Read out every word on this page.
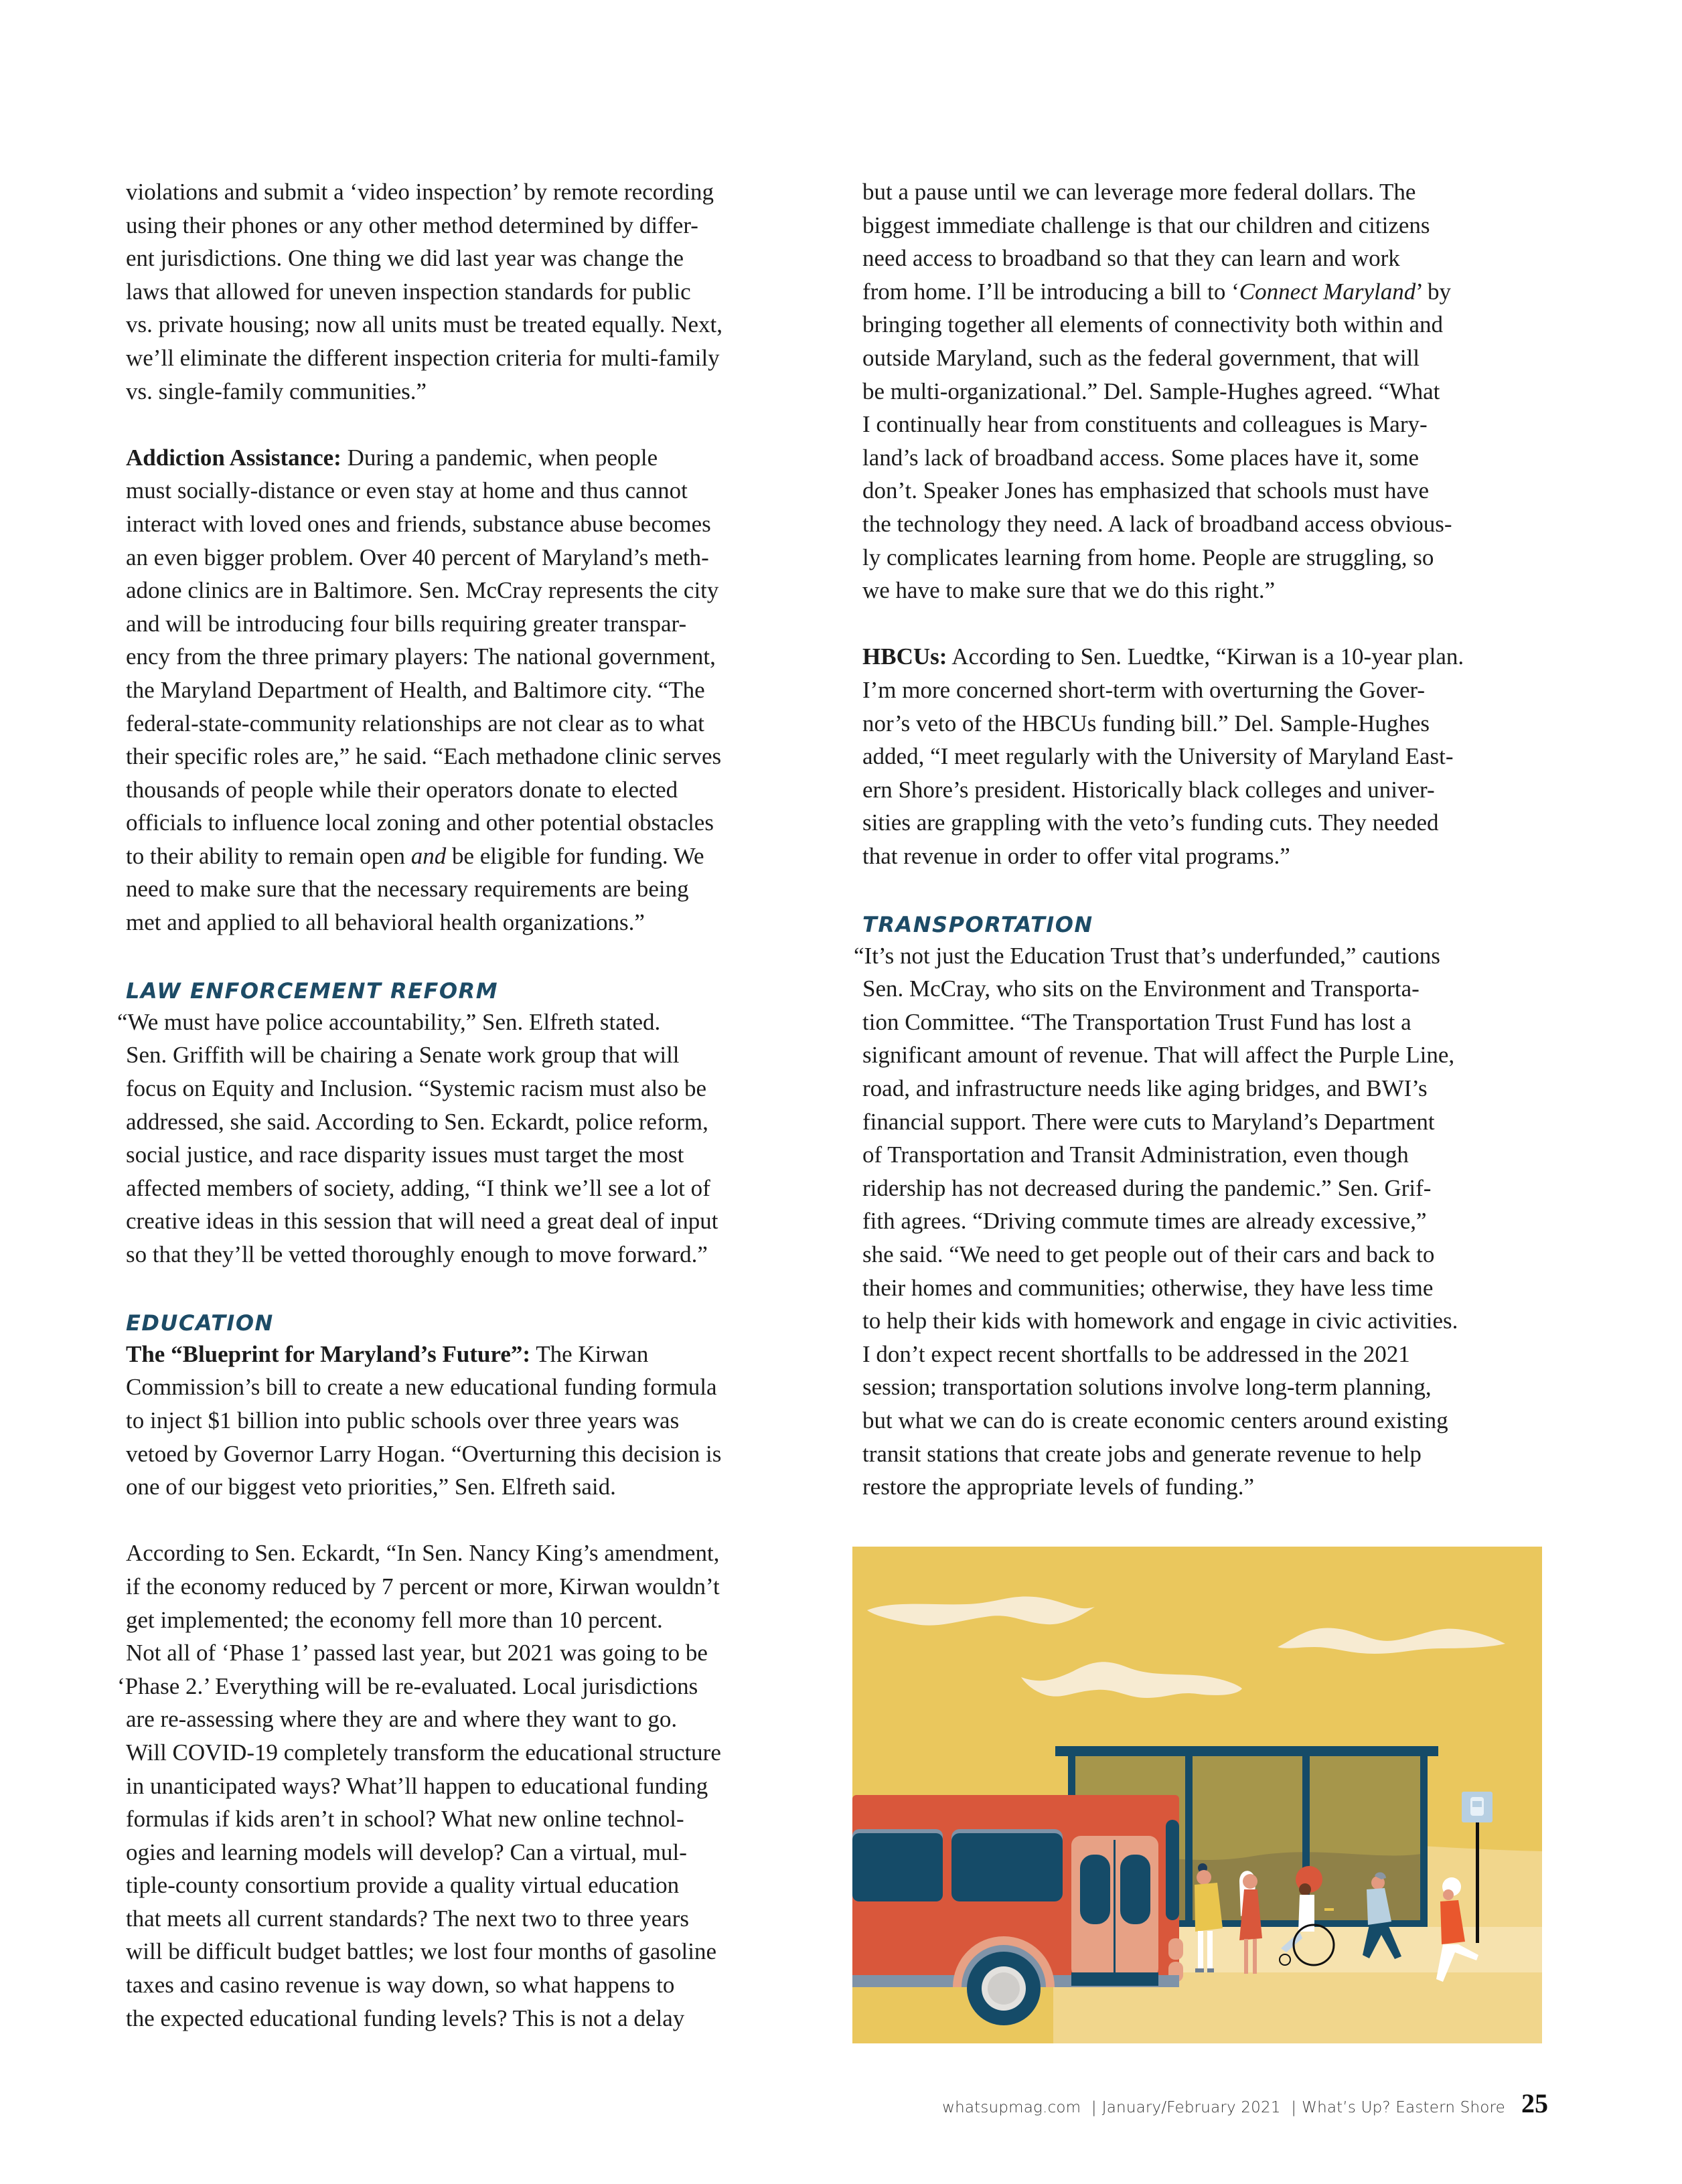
violations and submit a ‘video inspection’ by remote recording
using their phones or any other method determined by differ-
ent jurisdictions. One thing we did last year was change the
laws that allowed for uneven inspection standards for public
vs. private housing; now all units must be treated equally. Next,
we’ll eliminate the different inspection criteria for multi-family
vs. single-family communities.”
Addiction Assistance: During a pandemic, when people
must socially-distance or even stay at home and thus cannot
interact with loved ones and friends, substance abuse becomes
an even bigger problem. Over 40 percent of Maryland’s meth-
adone clinics are in Baltimore. Sen. McCray represents the city
and will be introducing four bills requiring greater transpar-
ency from the three primary players: The national government,
the Maryland Department of Health, and Baltimore city. “The
federal-state-community relationships are not clear as to what
their specific roles are,” he said. “Each methadone clinic serves
thousands of people while their operators donate to elected
officials to influence local zoning and other potential obstacles
to their ability to remain open and be eligible for funding. We
need to make sure that the necessary requirements are being
met and applied to all behavioral health organizations.”
LAW ENFORCEMENT REFORM
“We must have police accountability,” Sen. Elfreth stated.
Sen. Griffith will be chairing a Senate work group that will
focus on Equity and Inclusion. “Systemic racism must also be
addressed, she said. According to Sen. Eckardt, police reform,
social justice, and race disparity issues must target the most
affected members of society, adding, “I think we’ll see a lot of
creative ideas in this session that will need a great deal of input
so that they’ll be vetted thoroughly enough to move forward.”
EDUCATION
The “Blueprint for Maryland’s Future”: The Kirwan
Commission’s bill to create a new educational funding formula
to inject $1 billion into public schools over three years was
vetoed by Governor Larry Hogan. “Overturning this decision is
one of our biggest veto priorities,” Sen. Elfreth said.
According to Sen. Eckardt, “In Sen. Nancy King’s amendment,
if the economy reduced by 7 percent or more, Kirwan wouldn’t
get implemented; the economy fell more than 10 percent.
Not all of ‘Phase 1’ passed last year, but 2021 was going to be
‘Phase 2.’ Everything will be re-evaluated. Local jurisdictions
are re-assessing where they are and where they want to go.
Will COVID-19 completely transform the educational structure
in unanticipated ways? What’ll happen to educational funding
formulas if kids aren’t in school? What new online technol-
ogies and learning models will develop? Can a virtual, mul-
tiple-county consortium provide a quality virtual education
that meets all current standards? The next two to three years
will be difficult budget battles; we lost four months of gasoline
taxes and casino revenue is way down, so what happens to
the expected educational funding levels? This is not a delay
but a pause until we can leverage more federal dollars. The
biggest immediate challenge is that our children and citizens
need access to broadband so that they can learn and work
from home. I’ll be introducing a bill to ‘Connect Maryland’ by
bringing together all elements of connectivity both within and
outside Maryland, such as the federal government, that will
be multi-organizational.” Del. Sample-Hughes agreed. “What
I continually hear from constituents and colleagues is Mary-
land’s lack of broadband access. Some places have it, some
don’t. Speaker Jones has emphasized that schools must have
the technology they need. A lack of broadband access obvious-
ly complicates learning from home. People are struggling, so
we have to make sure that we do this right.”
HBCUs: According to Sen. Luedtke, “Kirwan is a 10-year plan.
I’m more concerned short-term with overturning the Gover-
nor’s veto of the HBCUs funding bill.” Del. Sample-Hughes
added, “I meet regularly with the University of Maryland East-
ern Shore’s president. Historically black colleges and univer-
sities are grappling with the veto’s funding cuts. They needed
that revenue in order to offer vital programs.”
TRANSPORTATION
“It’s not just the Education Trust that’s underfunded,” cautions
Sen. McCray, who sits on the Environment and Transporta-
tion Committee. “The Transportation Trust Fund has lost a
significant amount of revenue. That will affect the Purple Line,
road, and infrastructure needs like aging bridges, and BWI’s
financial support. There were cuts to Maryland’s Department
of Transportation and Transit Administration, even though
ridership has not decreased during the pandemic.” Sen. Grif-
fith agrees. “Driving commute times are already excessive,”
she said. “We need to get people out of their cars and back to
their homes and communities; otherwise, they have less time
to help their kids with homework and engage in civic activities.
I don’t expect recent shortfalls to be addressed in the 2021
session; transportation solutions involve long-term planning,
but what we can do is create economic centers around existing
transit stations that create jobs and generate revenue to help
restore the appropriate levels of funding.”
whatsupmag.com | January/February 2021 | What’s Up? Eastern Shore 25
